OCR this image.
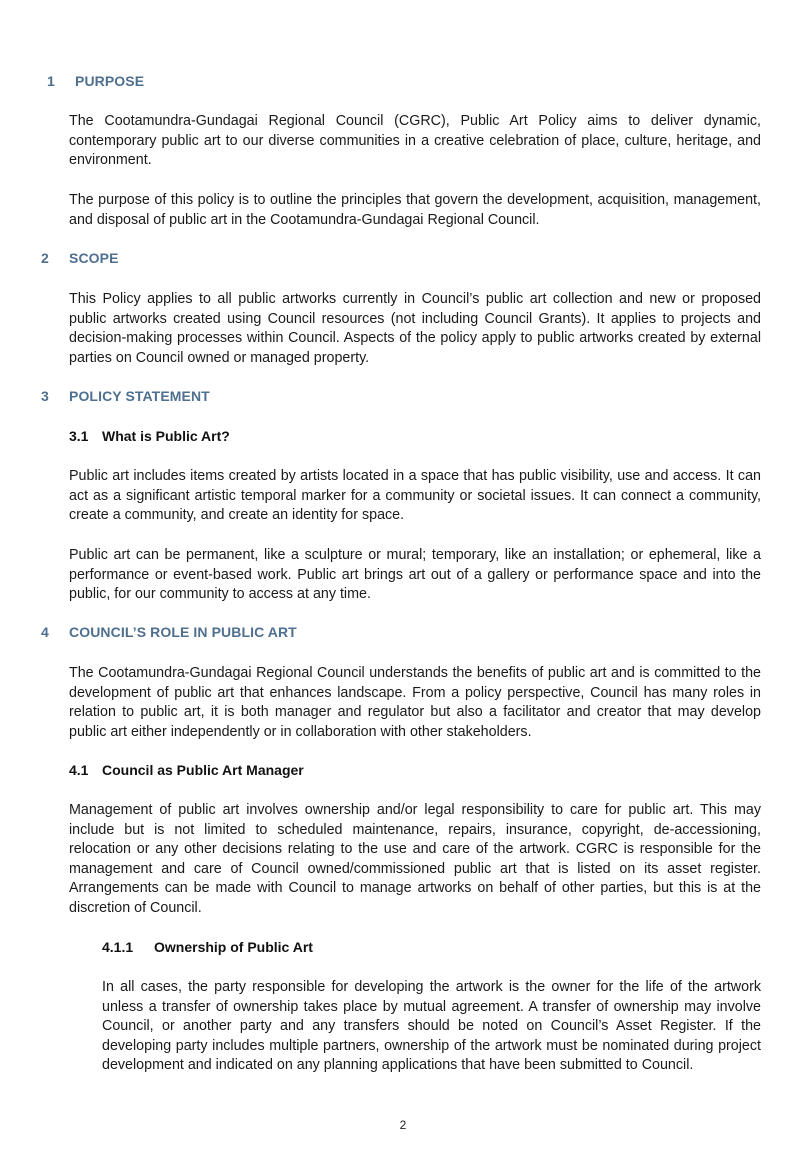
1 PURPOSE

The Cootamundra-Gundagai Regional Council (CGRC), Public Art Policy aims to deliver dynamic, contemporary public art to our diverse communities in a creative celebration of place, culture, heritage, and environment.

The purpose of this policy is to outline the principles that govern the development, acquisition, management, and disposal of public art in the Cootamundra-Gundagai Regional Council.

2 SCOPE

This Policy applies to all public artworks currently in Council’s public art collection and new or proposed public artworks created using Council resources (not including Council Grants). It applies to projects and decision-making processes within Council. Aspects of the policy apply to public artworks created by external parties on Council owned or managed property.

3 POLICY STATEMENT
3.1 What is Public Art?

Public art includes items created by artists located in a space that has public visibility, use and access. It can act as a significant artistic temporal marker for a community or societal issues. It can connect a community, create a community, and create an identity for space.

Public art can be permanent, like a sculpture or mural; temporary, like an installation; or ephemeral, like a performance or event-based work. Public art brings art out of a gallery or performance space and into the public, for our community to access at any time.

4 COUNCIL’S ROLE IN PUBLIC ART

The Cootamundra-Gundagai Regional Council understands the benefits of public art and is committed to the development of public art that enhances landscape. From a policy perspective, Council has many roles in relation to public art, it is both manager and regulator but also a facilitator and creator that may develop public art either independently or in collaboration with other stakeholders.

4.1 Council as Public Art Manager

Management of public art involves ownership and/or legal responsibility to care for public art. This may include but is not limited to scheduled maintenance, repairs, insurance, copyright, de-accessioning, relocation or any other decisions relating to the use and care of the artwork. CGRC is responsible for the management and care of Council owned/commissioned public art that is listed on its asset register. Arrangements can be made with Council to manage artworks on behalf of other parties, but this is at the discretion of Council.

4.1.1 Ownership of Public Art

In all cases, the party responsible for developing the artwork is the owner for the life of the artwork unless a transfer of ownership takes place by mutual agreement. A transfer of ownership may involve Council, or another party and any transfers should be noted on Council’s Asset Register. If the developing party includes multiple partners, ownership of the artwork must be nominated during project development and indicated on any planning applications that have been submitted to Council.

2
